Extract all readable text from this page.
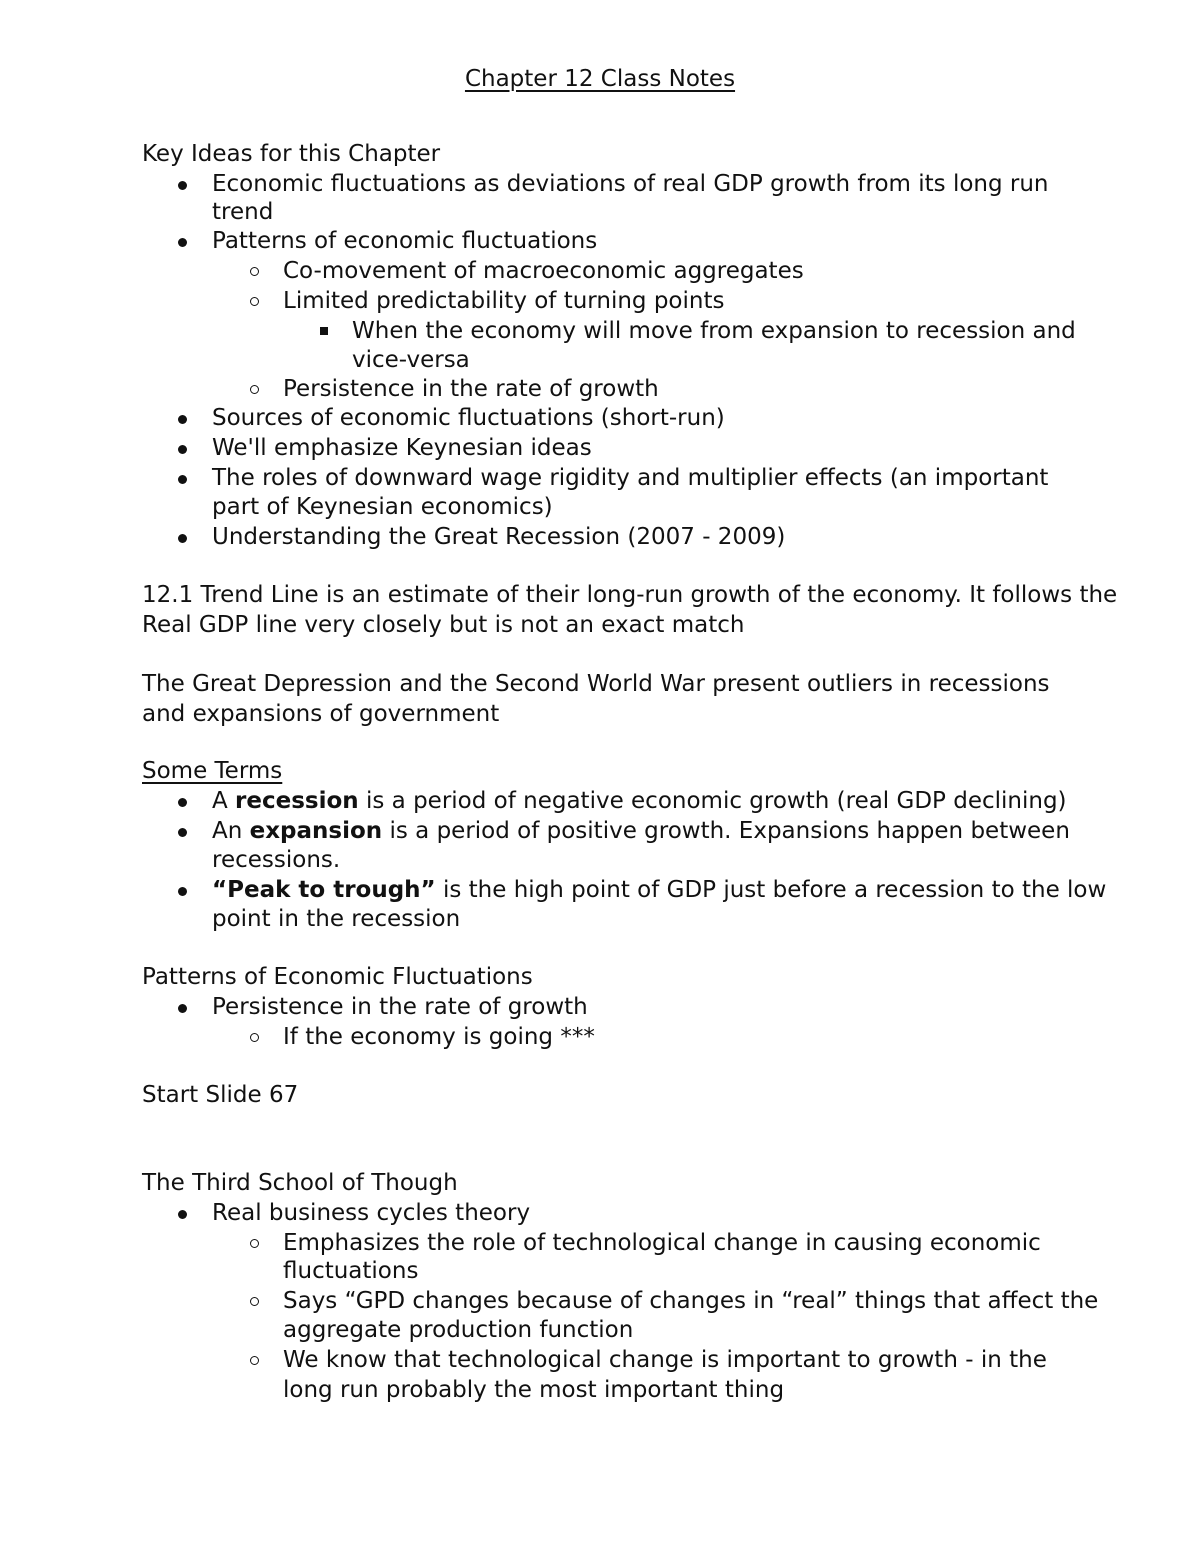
Chapter 12 Class Notes
Key Ideas for this Chapter
Economic fluctuations as deviations of real GDP growth from its long run
trend
Patterns of economic fluctuations
Co-movement of macroeconomic aggregates
Limited predictability of turning points
When the economy will move from expansion to recession and
vice-versa
Persistence in the rate of growth
Sources of economic fluctuations (short-run)
We'll emphasize Keynesian ideas
The roles of downward wage rigidity and multiplier effects (an important
part of Keynesian economics)
Understanding the Great Recession (2007 - 2009)
12.1 Trend Line is an estimate of their long-run growth of the economy. It follows the
Real GDP line very closely but is not an exact match
The Great Depression and the Second World War present outliers in recessions
and expansions of government
Some Terms
A recession is a period of negative economic growth (real GDP declining)
An expansion is a period of positive growth. Expansions happen between
recessions.
“Peak to trough” is the high point of GDP just before a recession to the low
point in the recession
Patterns of Economic Fluctuations
Persistence in the rate of growth
If the economy is going ***
Start Slide 67
The Third School of Though
Real business cycles theory
Emphasizes the role of technological change in causing economic
fluctuations
Says “GPD changes because of changes in “real” things that affect the
aggregate production function
We know that technological change is important to growth - in the
long run probably the most important thing
